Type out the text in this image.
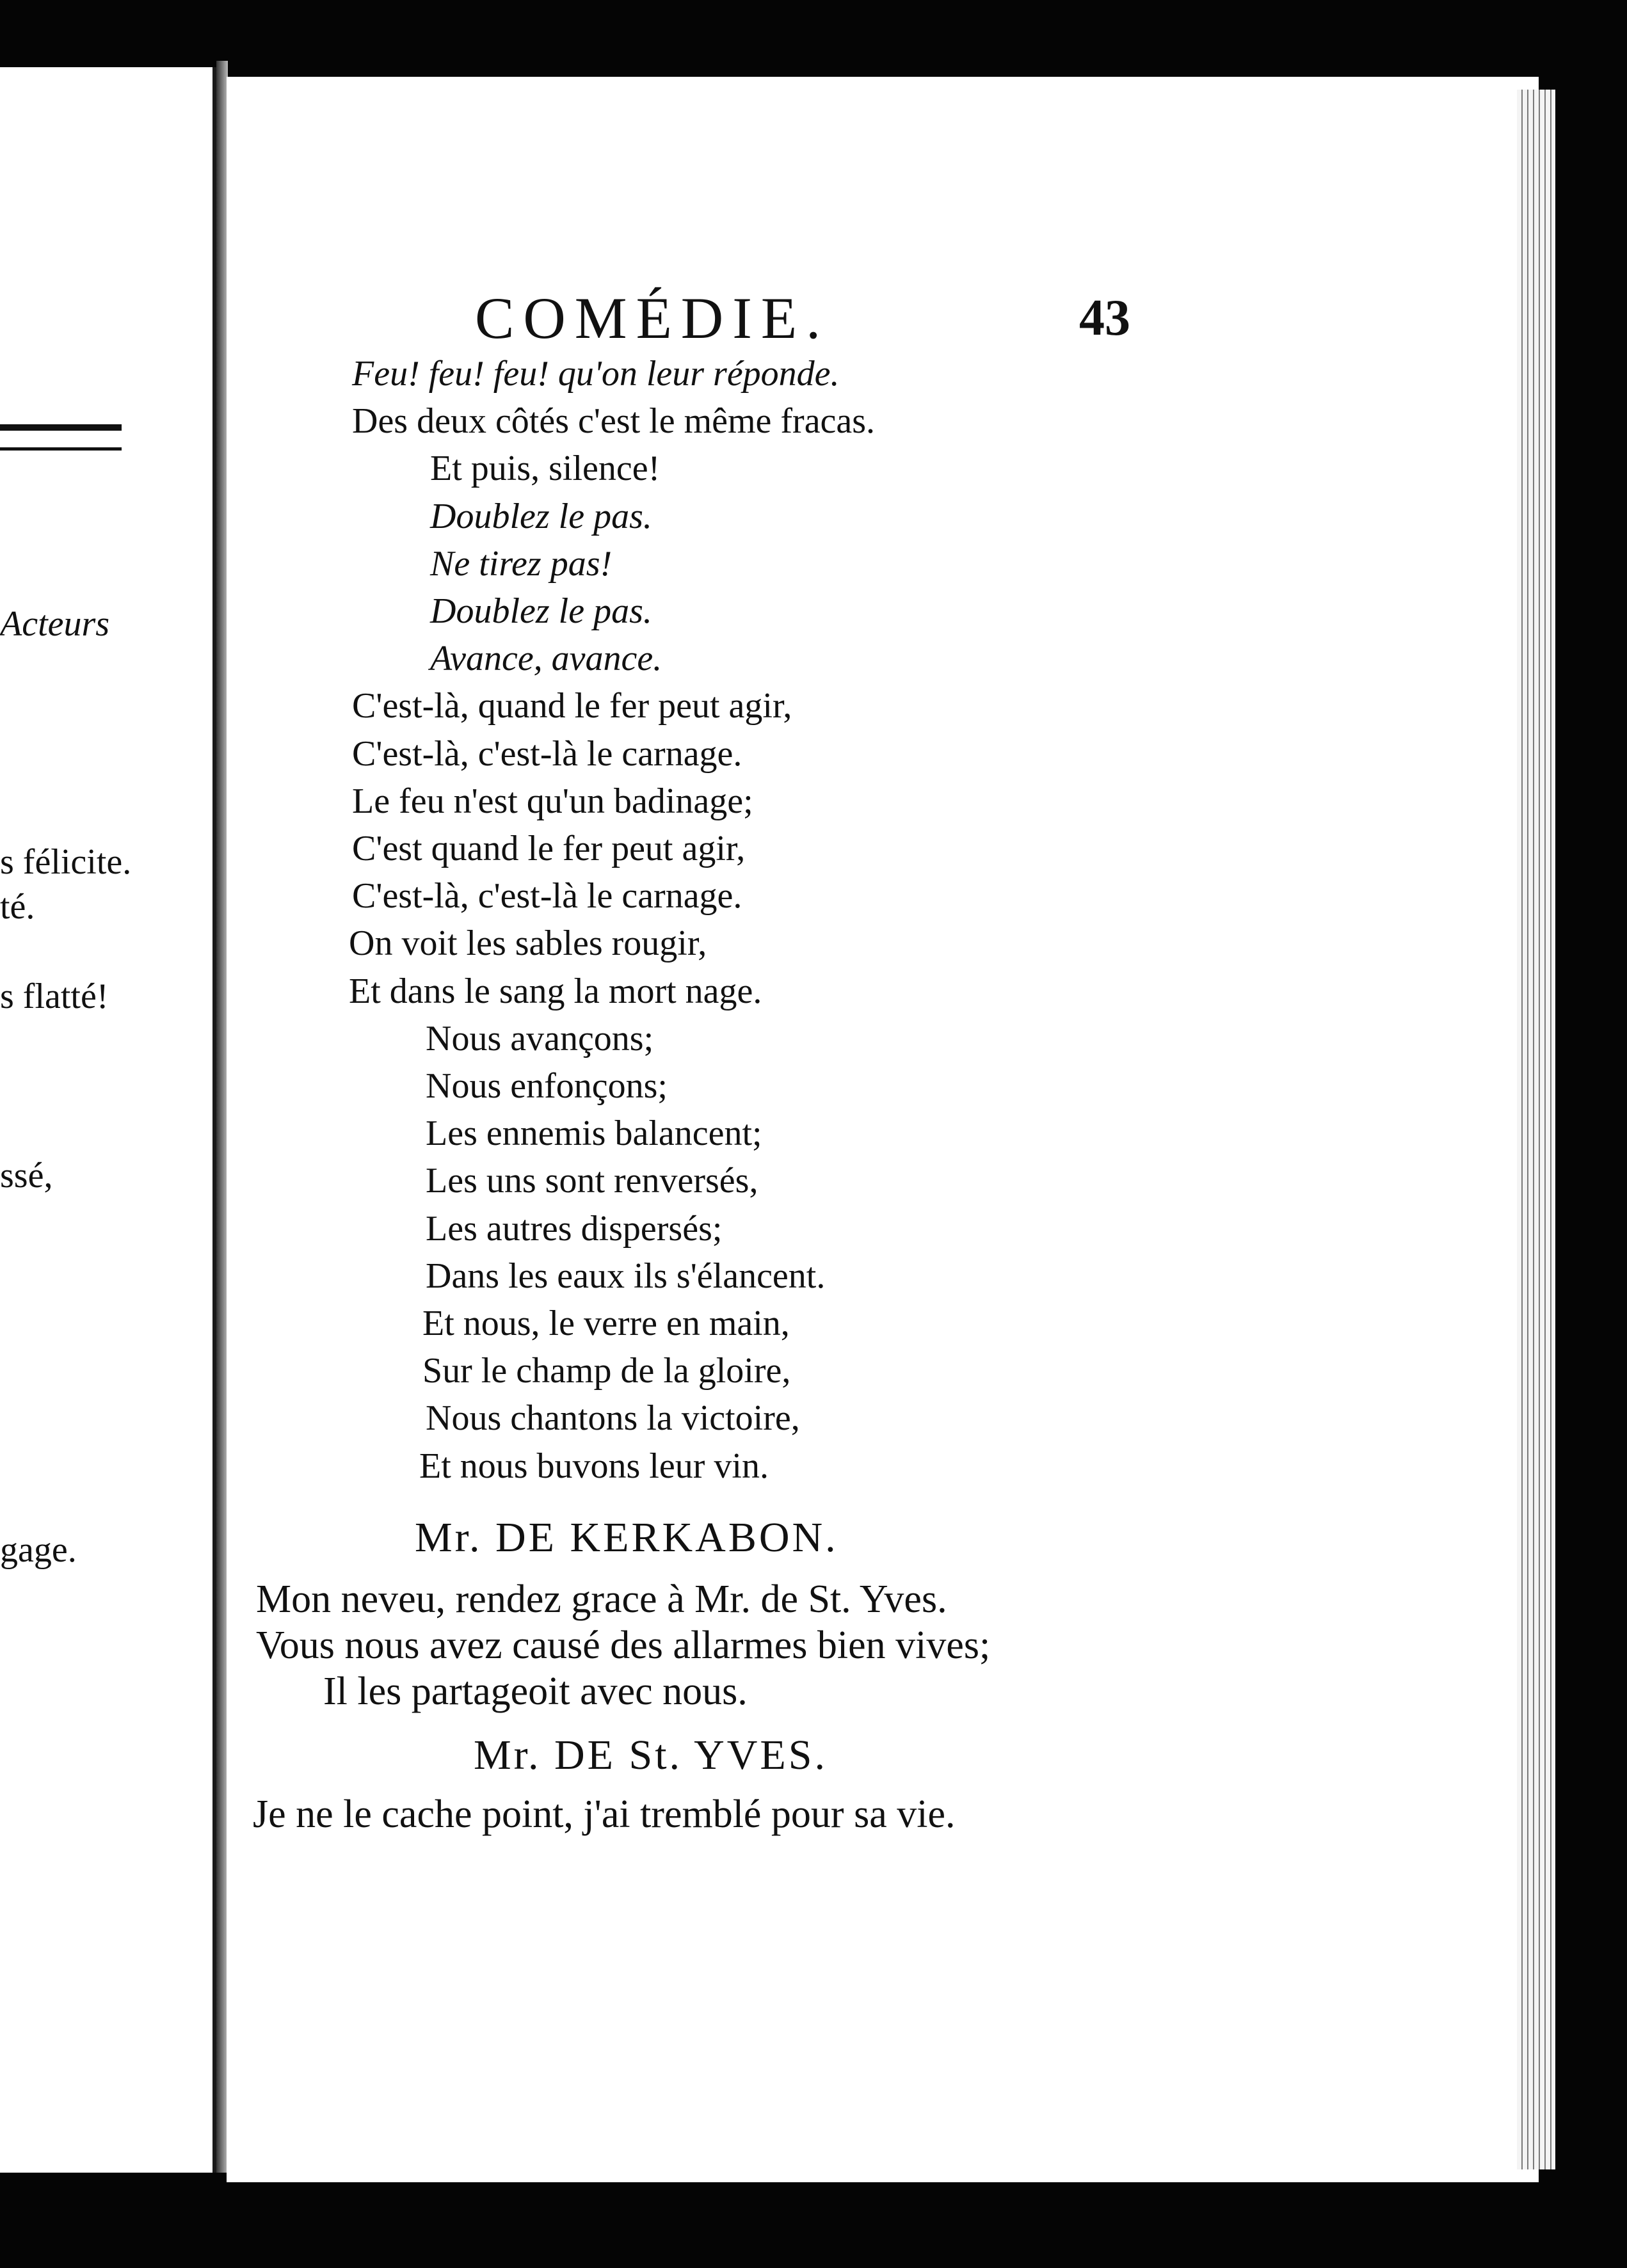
Acteurs
s félicite.
té.
s flatté!
ssé,
gage.
COMÉDIE.	43
Feu! feu! feu! qu'on leur réponde.
Des deux côtés c'est le même fracas.
Et puis, silence!
Doublez le pas.
Ne tirez pas!
Doublez le pas.
Avance, avance.
C'est-là, quand le fer peut agir,
C'est-là, c'est-là le carnage.
Le feu n'est qu'un badinage;
C'est quand le fer peut agir,
C'est-là, c'est-là le carnage.
On voit les sables rougir,
Et dans le sang la mort nage.
Nous avançons;
Nous enfonçons;
Les ennemis balancent;
Les uns sont renversés,
Les autres dispersés;
Dans les eaux ils s'élancent.
Et nous, le verre en main,
Sur le champ de la gloire,
Nous chantons la victoire,
Et nous buvons leur vin.
Mr. DE KERKABON.
Mon neveu, rendez grace à Mr. de St. Yves.
Vous nous avez causé des allarmes bien vives;
Il les partageoit avec nous.
Mr. DE St. YVES.
Je ne le cache point, j'ai tremblé pour sa vie.
